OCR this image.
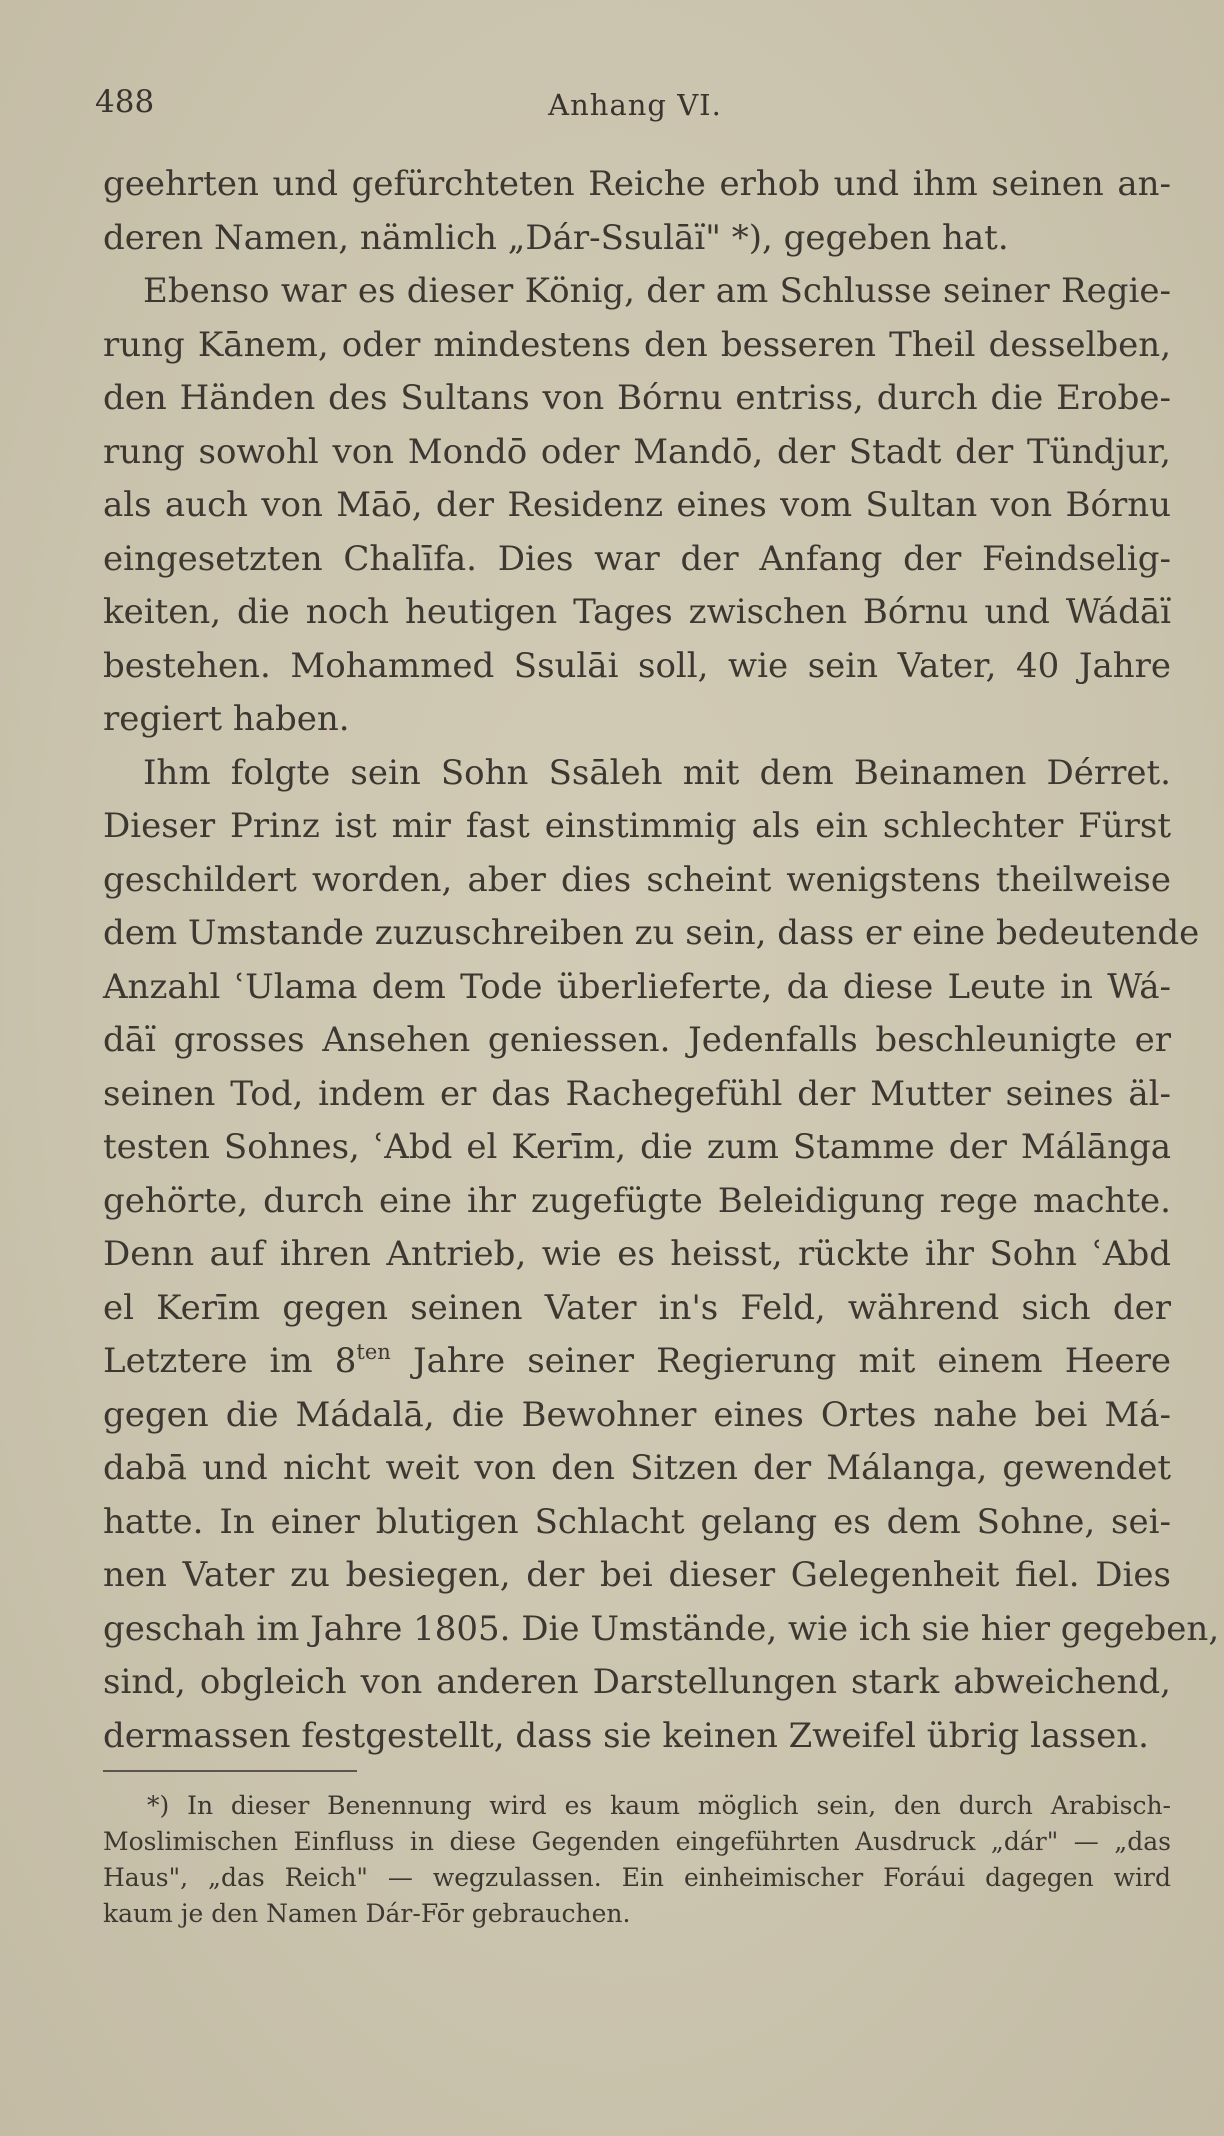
488	Anhang VI.
geehrten und gefürchteten Reiche erhob und ihm seinen an-
deren Namen, nämlich „Dár-Ssulāï" *), gegeben hat.
Ebenso war es dieser König, der am Schlusse seiner Regie-
rung Kānem, oder mindestens den besseren Theil desselben,
den Händen des Sultans von Bórnu entriss, durch die Erobe-
rung sowohl von Mondō oder Mandō, der Stadt der Tündjur,
als auch von Māō, der Residenz eines vom Sultan von Bórnu
eingesetzten Chalīfa. Dies war der Anfang der Feindselig-
keiten, die noch heutigen Tages zwischen Bórnu und Wádāï
bestehen. Mohammed Ssulāi soll, wie sein Vater, 40 Jahre
regiert haben.
Ihm folgte sein Sohn Ssāleh mit dem Beinamen Dérret.
Dieser Prinz ist mir fast einstimmig als ein schlechter Fürst
geschildert worden, aber dies scheint wenigstens theilweise
dem Umstande zuzuschreiben zu sein, dass er eine bedeutende
Anzahl ʿUlama dem Tode überlieferte, da diese Leute in Wá-
dāï grosses Ansehen geniessen. Jedenfalls beschleunigte er
seinen Tod, indem er das Rachegefühl der Mutter seines äl-
testen Sohnes, ʿAbd el Kerīm, die zum Stamme der Málānga
gehörte, durch eine ihr zugefügte Beleidigung rege machte.
Denn auf ihren Antrieb, wie es heisst, rückte ihr Sohn ʿAbd
el Kerīm gegen seinen Vater in's Feld, während sich der
Letztere im $8^{ten}$ Jahre seiner Regierung mit einem Heere
gegen die Mádalā, die Bewohner eines Ortes nahe bei Má-
dabā und nicht weit von den Sitzen der Málanga, gewendet
hatte. In einer blutigen Schlacht gelang es dem Sohne, sei-
nen Vater zu besiegen, der bei dieser Gelegenheit fiel. Dies
geschah im Jahre 1805. Die Umstände, wie ich sie hier gegeben,
sind, obgleich von anderen Darstellungen stark abweichend,
dermassen festgestellt, dass sie keinen Zweifel übrig lassen.
*) In dieser Benennung wird es kaum möglich sein, den durch Arabisch-
Moslimischen Einfluss in diese Gegenden eingeführten Ausdruck „dár" — „das
Haus", „das Reich" — wegzulassen. Ein einheimischer Foráui dagegen wird
kaum je den Namen Dár-Fōr gebrauchen.
